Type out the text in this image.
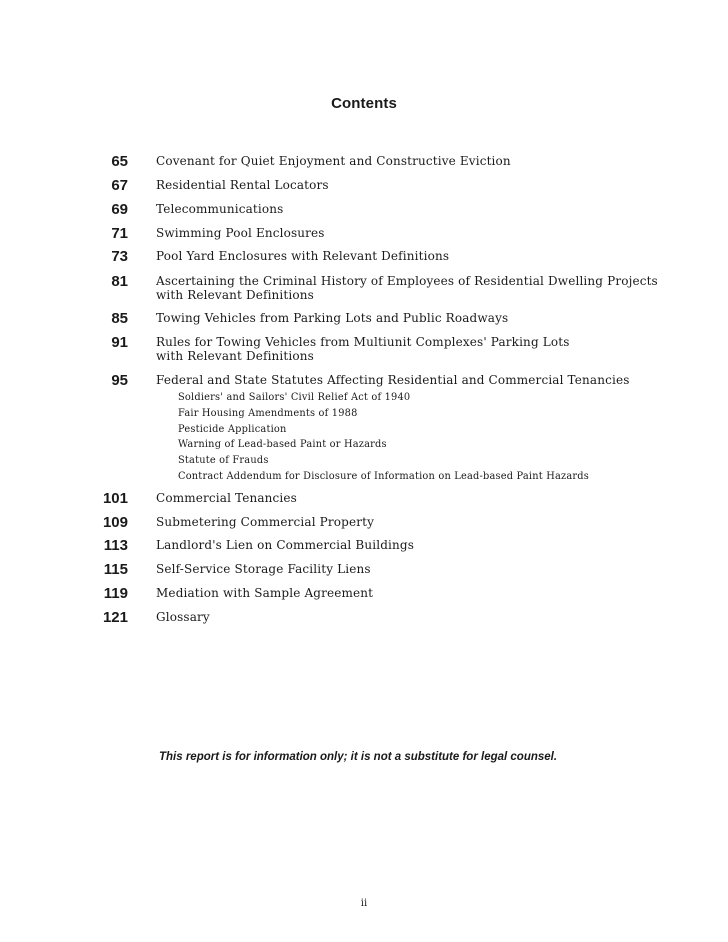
Contents
65 Covenant for Quiet Enjoyment and Constructive Eviction
67 Residential Rental Locators
69 Telecommunications
71 Swimming Pool Enclosures
73 Pool Yard Enclosures with Relevant Definitions
81 Ascertaining the Criminal History of Employees of Residential Dwelling Projects
with Relevant Definitions
85 Towing Vehicles from Parking Lots and Public Roadways
91 Rules for Towing Vehicles from Multiunit Complexes' Parking Lots
with Relevant Definitions
95 Federal and State Statutes Affecting Residential and Commercial Tenancies
Soldiers' and Sailors' Civil Relief Act of 1940
Fair Housing Amendments of 1988
Pesticide Application
Warning of Lead-based Paint or Hazards
Statute of Frauds
Contract Addendum for Disclosure of Information on Lead-based Paint Hazards
101 Commercial Tenancies
109 Submetering Commercial Property
113 Landlord's Lien on Commercial Buildings
115 Self-Service Storage Facility Liens
119 Mediation with Sample Agreement
121 Glossary
This report is for information only; it is not a substitute for legal counsel.
ii
